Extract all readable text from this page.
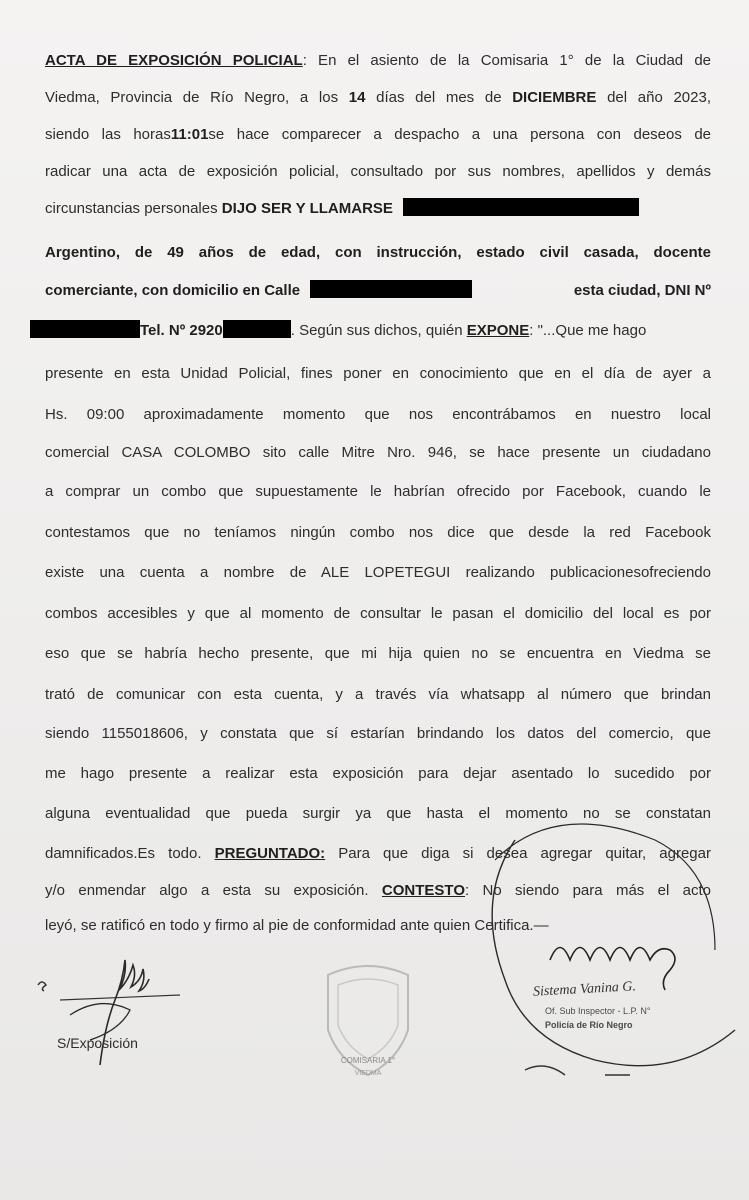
ACTA DE EXPOSICIÓN POLICIAL: En el asiento de la Comisaria 1° de la Ciudad de
Viedma, Provincia de Río Negro, a los 14 días del mes de DICIEMBRE del año 2023,
siendo las horas11:01se hace comparecer a despacho a una persona con deseos de
radicar una acta de exposición policial, consultado por sus nombres, apellidos y demás
circunstancias personales DIJO SER Y LLAMARSE
Argentino, de 49 años de edad, con instrucción, estado civil casada, docente
comerciante, con domicilio en Calle	esta ciudad, DNI Nº
Tel. Nº 2920	. Según sus dichos, quién EXPONE: "...Que me hago
presente en esta Unidad Policial, fines poner en conocimiento que en el día de ayer a
Hs. 09:00 aproximadamente momento que nos encontrábamos en nuestro local
comercial CASA COLOMBO sito calle Mitre Nro. 946, se hace presente un ciudadano
a comprar un combo que supuestamente le habrían ofrecido por Facebook, cuando le
contestamos que no teníamos ningún combo nos dice que desde la red Facebook
existe una cuenta a nombre de ALE LOPETEGUI realizando publicacionesofreciendo
combos accesibles y que al momento de consultar le pasan el domicilio del local es por
eso que se habría hecho presente, que mi hija quien no se encuentra en Viedma se
trató de comunicar con esta cuenta, y a través vía whatsapp al número que brindan
siendo 1155018606, y constata que sí estarían brindando los datos del comercio, que
me hago presente a realizar esta exposición para dejar asentado lo sucedido por
alguna eventualidad que pueda surgir ya que hasta el momento no se constatan
damnificados.Es todo. PREGUNTADO: Para que diga si desea agregar quitar, agregar
y/o enmendar algo a esta su exposición. CONTESTO: No siendo para más el acto
leyó, se ratificó en todo y firmo al pie de conformidad ante quien Certifica.—
S/Exposición
COMISARIA 1°
VIEDMA
Sistema Vanina G.
Of. Sub Inspector - L.P. N°
Policía de Río Negro
